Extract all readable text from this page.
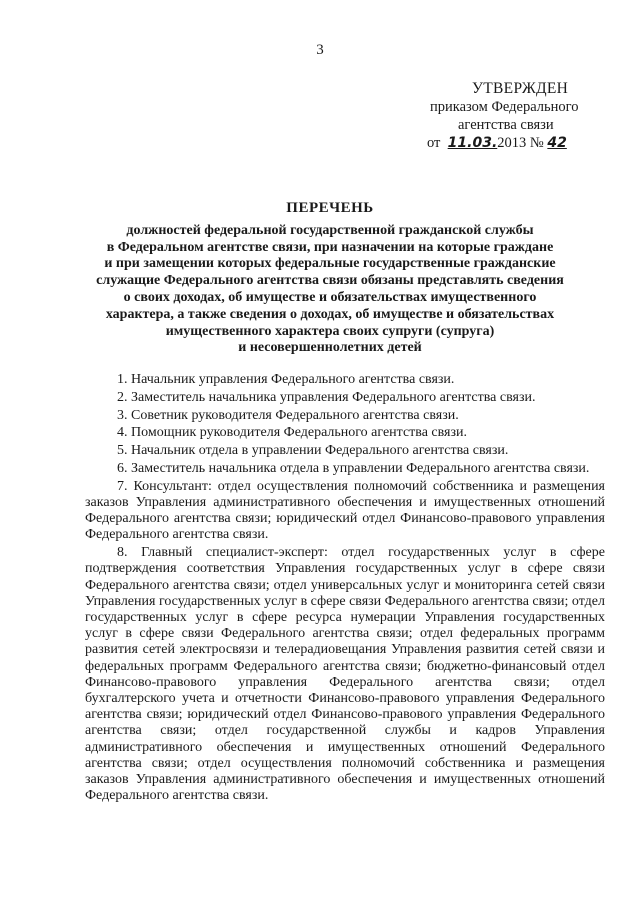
3
УТВЕРЖДЕН
приказом Федерального
агентства связи
от 11.03.2013 № 42
ПЕРЕЧЕНЬ
должностей федеральной государственной гражданской службы
в Федеральном агентстве связи, при назначении на которые граждане
и при замещении которых федеральные государственные гражданские
служащие Федерального агентства связи обязаны представлять сведения
о своих доходах, об имуществе и обязательствах имущественного
характера, а также сведения о доходах, об имуществе и обязательствах
имущественного характера своих супруги (супруга)
и несовершеннолетних детей

1. Начальник управления Федерального агентства связи.

2. Заместитель начальника управления Федерального агентства связи.

3. Советник руководителя Федерального агентства связи.

4. Помощник руководителя Федерального агентства связи.

5. Начальник отдела в управлении Федерального агентства связи.

6. Заместитель начальника отдела в управлении Федерального агентства связи.

7. Консультант: отдел осуществления полномочий собственника и размещения заказов Управления административного обеспечения и имущественных отношений Федерального агентства связи; юридический отдел Финансово-правового управления Федерального агентства связи.

8. Главный специалист-эксперт: отдел государственных услуг в сфере подтверждения соответствия Управления государственных услуг в сфере связи Федерального агентства связи; отдел универсальных услуг и мониторинга сетей связи Управления государственных услуг в сфере связи Федерального агентства связи; отдел государственных услуг в сфере ресурса нумерации Управления государственных услуг в сфере связи Федерального агентства связи; отдел федеральных программ развития сетей электросвязи и телерадиовещания Управления развития сетей связи и федеральных программ Федерального агентства связи; бюджетно-финансовый отдел Финансово-правового управления Федерального агентства связи; отдел бухгалтерского учета и отчетности Финансово-правового управления Федерального агентства связи; юридический отдел Финансово-правового управления Федерального агентства связи; отдел государственной службы и кадров Управления административного обеспечения и имущественных отношений Федерального агентства связи; отдел осуществления полномочий собственника и размещения заказов Управления административного обеспечения и имущественных отношений Федерального агентства связи.
